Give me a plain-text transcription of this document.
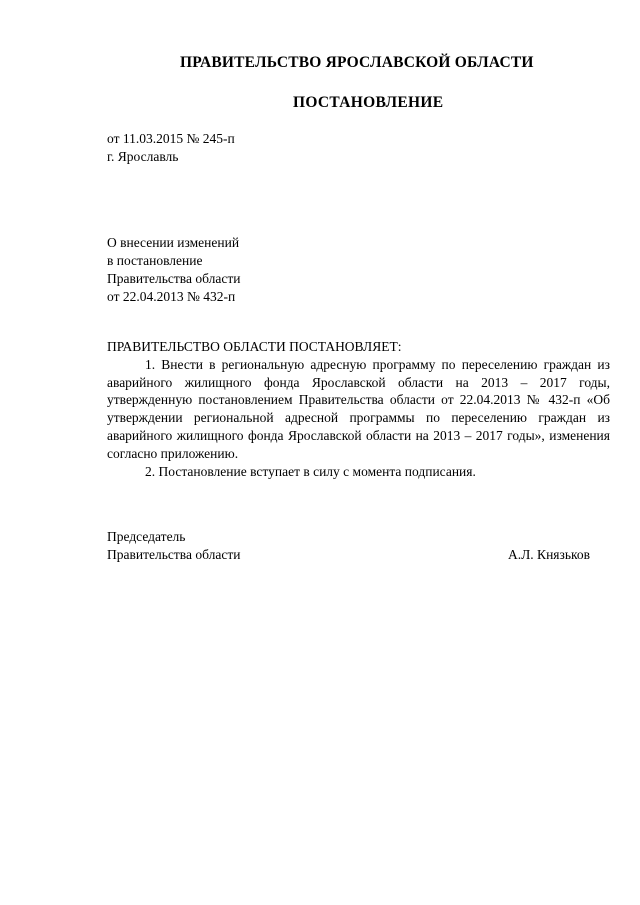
ПРАВИТЕЛЬСТВО ЯРОСЛАВСКОЙ ОБЛАСТИ
ПОСТАНОВЛЕНИЕ
от 11.03.2015 № 245-п
г. Ярославль
О внесении изменений
в постановление
Правительства области
от 22.04.2013 № 432-п

ПРАВИТЕЛЬСТВО ОБЛАСТИ ПОСТАНОВЛЯЕТ:

1. Внести в региональную адресную программу по переселению граждан из аварийного жилищного фонда Ярославской области на 2013 – 2017 годы, утвержденную постановлением Правительства области от 22.04.2013 № 432-п «Об утверждении региональной адресной программы по переселению граждан из аварийного жилищного фонда Ярославской области на 2013 – 2017 годы», изменения согласно приложению.

2. Постановление вступает в силу с момента подписания.

Председатель
Правительства области	А.Л. Князьков
